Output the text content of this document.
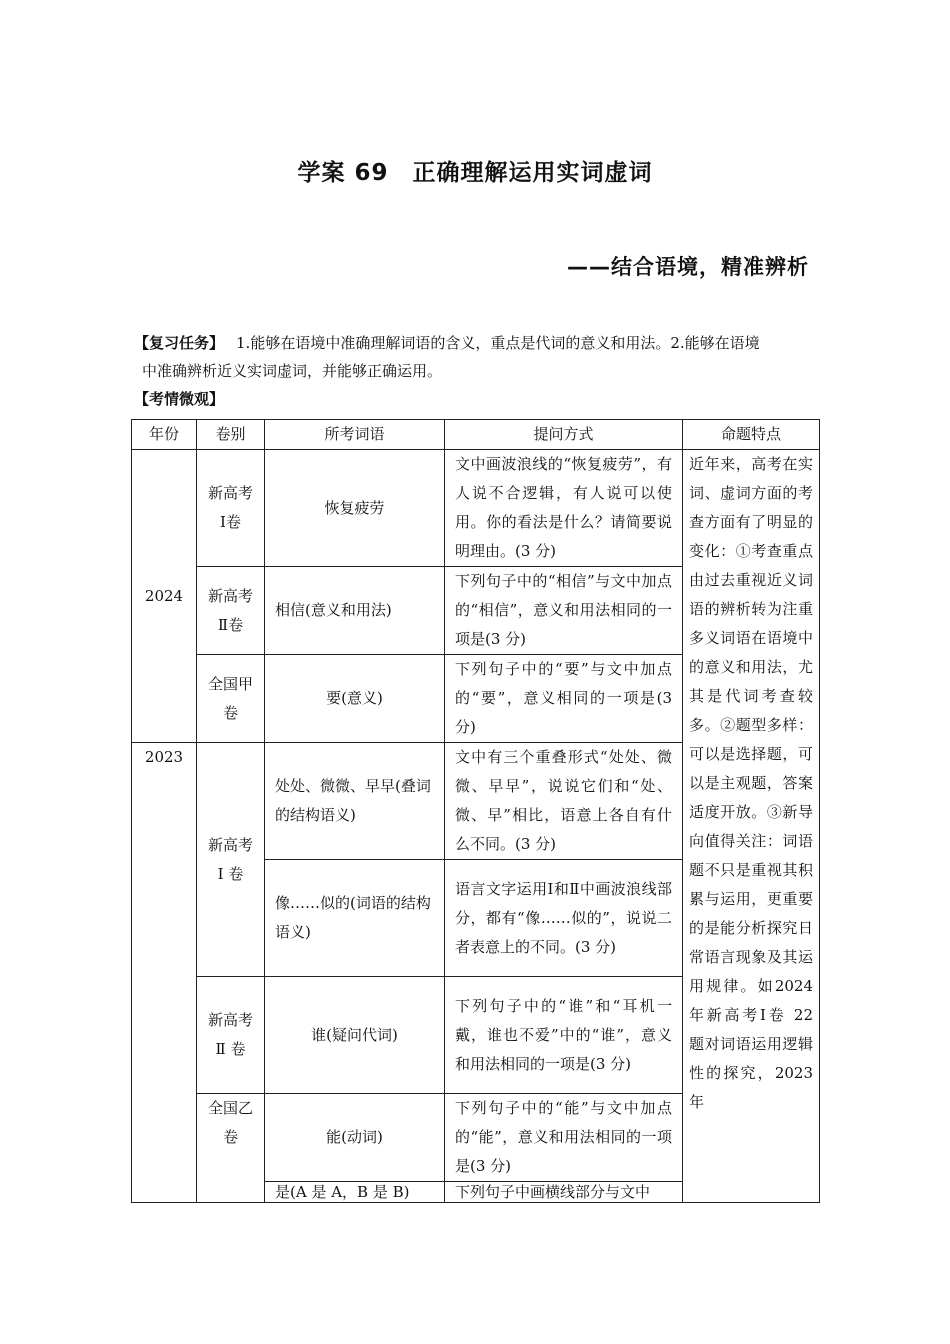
学案 69 正确理解运用实词虚词
——结合语境，精准辨析
【复习任务】 1.能够在语境中准确理解词语的含义，重点是代词的意义和用法。2.能够在语境
中准确辨析近义实词虚词，并能够正确运用。
【考情微观】
年份	卷别	所考词语	提问方式	命题特点
2024	新高考Ⅰ卷	恢复疲劳	文中画波浪线的“恢复疲劳”，有人说不合逻辑，有人说可以使用。你的看法是什么？请简要说明理由。(3 分)	近年来，高考在实词、虚词方面的考查方面有了明显的变化：①考查重点由过去重视近义词语的辨析转为注重多义词语在语境中的意义和用法，尤其是代词考查较多。②题型多样：可以是选择题，可以是主观题，答案适度开放。③新导向值得关注：词语题不只是重视其积累与运用，更重要的是能分析探究日常语言现象及其运用规律。如2024 年新高考Ⅰ卷 22 题对词语运用逻辑性的探究，2023 年
	新高考Ⅱ卷	相信(意义和用法)	下列句子中的“相信”与文中加点的“相信”，意义和用法相同的一项是(3 分)	
	全国甲卷	要(意义)	下列句子中的“要”与文中加点的“要”，意义相同的一项是(3 分)	
2023	新高考Ⅰ 卷	处处、微微、早早(叠词的结构语义)	文中有三个重叠形式“处处、微微、早早”，说说它们和“处、微、早”相比，语意上各自有什么不同。(3 分)	
		像……似的(词语的结构语义)	语言文字运用Ⅰ和Ⅱ中画波浪线部分，都有“像……似的”，说说二者表意上的不同。(3 分)	
	新高考Ⅱ 卷	谁(疑问代词)	下列句子中的“谁”和“耳机一戴，谁也不爱”中的“谁”，意义和用法相同的一项是(3 分)	
	全国乙卷	能(动词)	下列句子中的“能”与文中加点的“能”，意义和用法相同的一项是(3 分)	
		是(A 是 A，B 是 B)	下列句子中画横线部分与文中	
